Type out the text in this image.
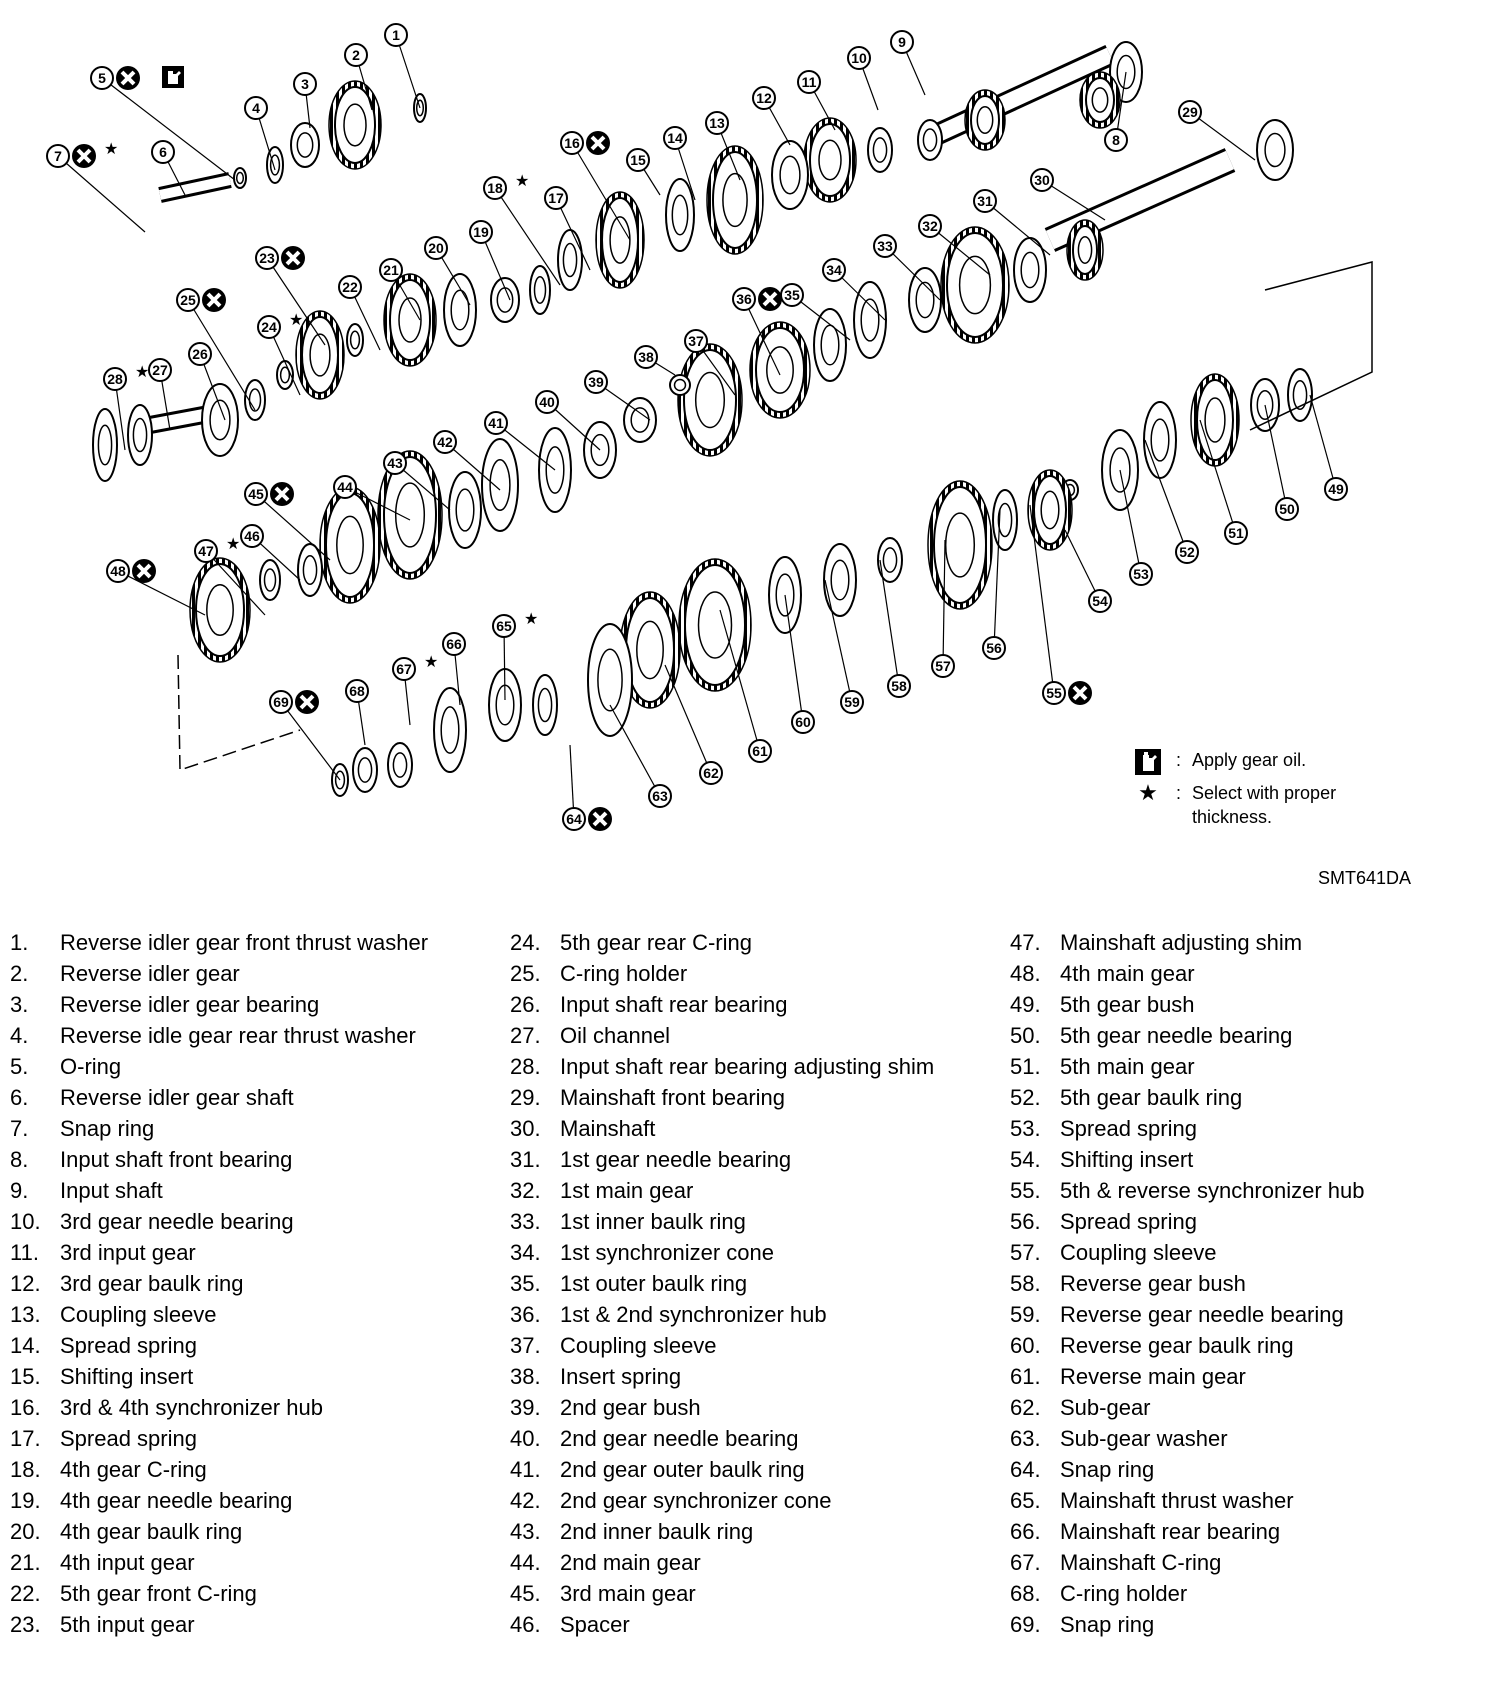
1
2
3
4
5
6
7	★
8
9
10
11
12
13
14
15
16
17
18 ★
19
20
21
22
23
24 ★
25
26
27
28 ★
29
30
31
32
33
34
35
36
37
38
39
40
41
42
43
44
45
46
47 ★
48
49
50
51
52
53
54
55
56
57
58
59
60
61
62
63
64
65 ★
66
67 ★
68
69
: Apply gear oil.
★	: Select with proper thickness.
SMT641DA
1.	Reverse idler gear front thrust washer
2.	Reverse idler gear
3.	Reverse idler gear bearing
4.	Reverse idle gear rear thrust washer
5.	O-ring
6.	Reverse idler gear shaft
7.	Snap ring
8.	Input shaft front bearing
9.	Input shaft
10. 3rd gear needle bearing
11. 3rd input gear
12. 3rd gear baulk ring
13. Coupling sleeve
14. Spread spring
15. Shifting insert
16. 3rd & 4th synchronizer hub
17. Spread spring
18. 4th gear C-ring
19. 4th gear needle bearing
20. 4th gear baulk ring
21. 4th input gear
22. 5th gear front C-ring
23. 5th input gear
24. 5th gear rear C-ring
25. C-ring holder
26. Input shaft rear bearing
27. Oil channel
28. Input shaft rear bearing adjusting shim
29. Mainshaft front bearing
30. Mainshaft
31. 1st gear needle bearing
32. 1st main gear
33. 1st inner baulk ring
34. 1st synchronizer cone
35. 1st outer baulk ring
36. 1st & 2nd synchronizer hub
37. Coupling sleeve
38. Insert spring
39. 2nd gear bush
40. 2nd gear needle bearing
41. 2nd gear outer baulk ring
42. 2nd gear synchronizer cone
43. 2nd inner baulk ring
44. 2nd main gear
45. 3rd main gear
46. Spacer
47. Mainshaft adjusting shim
48. 4th main gear
49. 5th gear bush
50. 5th gear needle bearing
51. 5th main gear
52. 5th gear baulk ring
53. Spread spring
54. Shifting insert
55. 5th & reverse synchronizer hub
56. Spread spring
57. Coupling sleeve
58. Reverse gear bush
59. Reverse gear needle bearing
60. Reverse gear baulk ring
61. Reverse main gear
62. Sub-gear
63. Sub-gear washer
64. Snap ring
65. Mainshaft thrust washer
66. Mainshaft rear bearing
67. Mainshaft C-ring
68. C-ring holder
69. Snap ring
